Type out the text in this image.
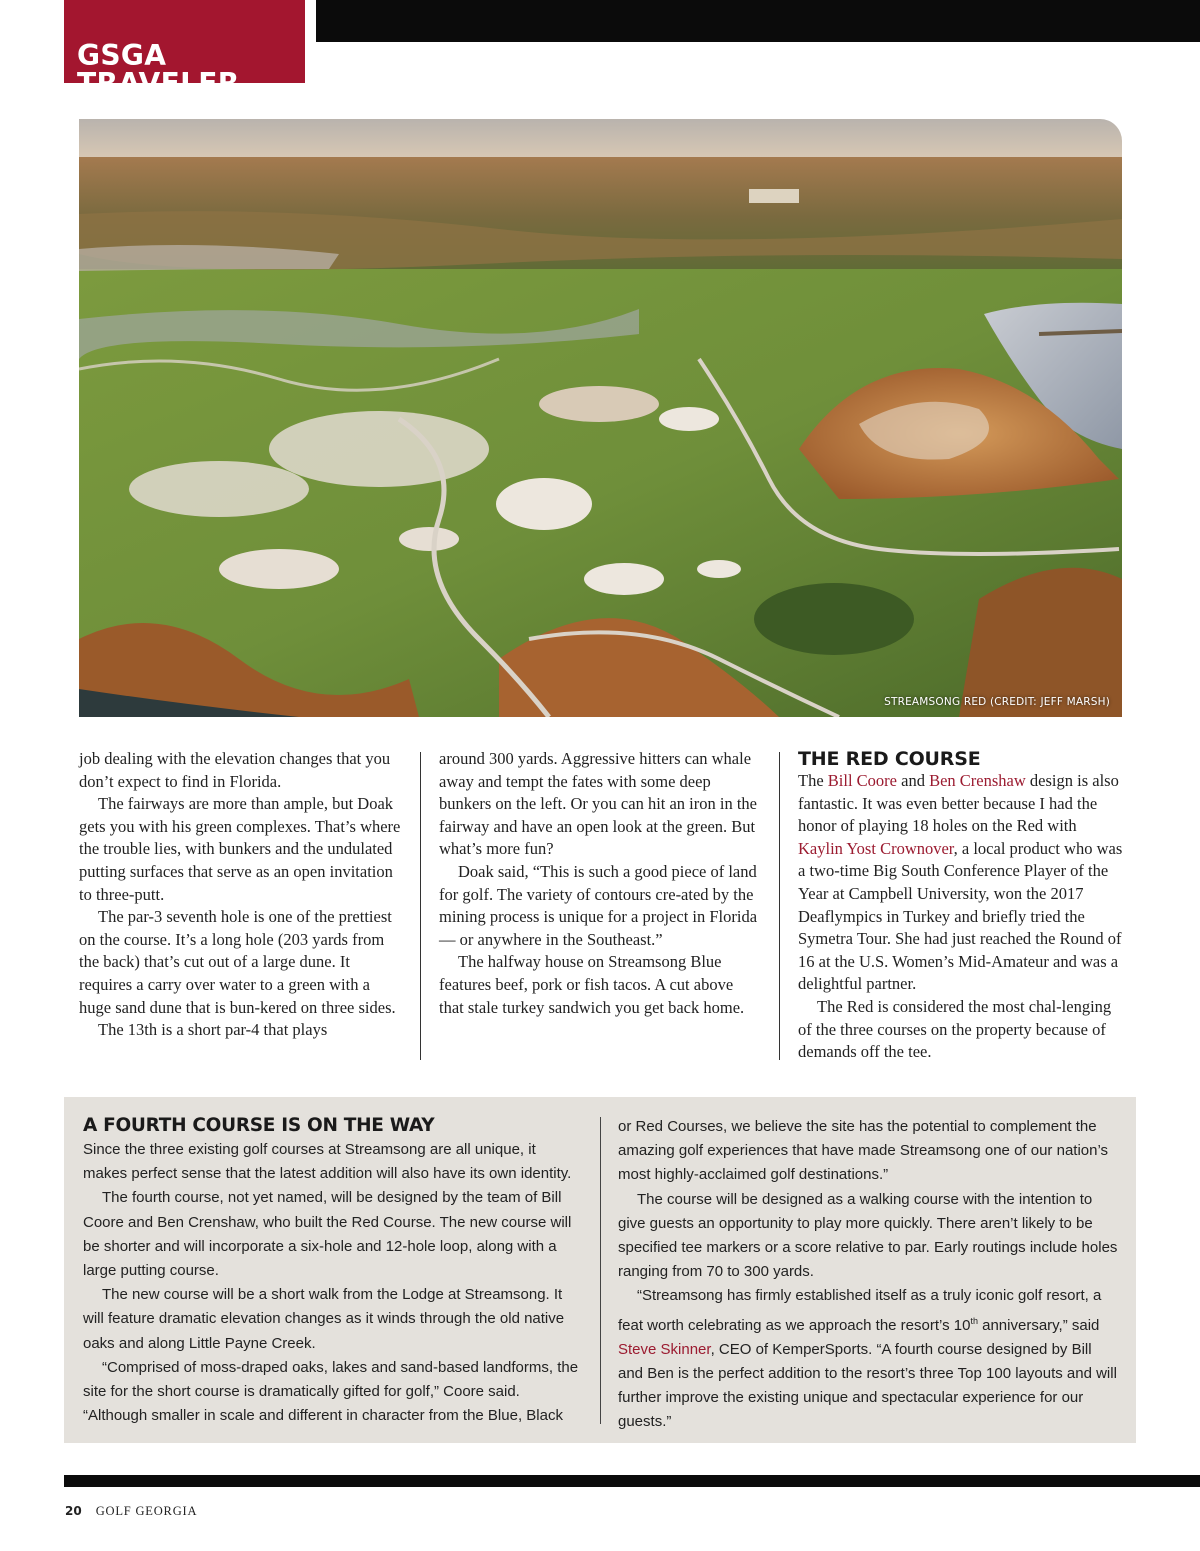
GSGA TRAVELER
STREAMSONG RED (CREDIT: JEFF MARSH)

job dealing with the elevation changes that you don’t expect to find in Florida.

The fairways are more than ample, but Doak gets you with his green complexes. That’s where the trouble lies, with bunkers and the undulated putting surfaces that serve as an open invitation to three-putt.

The par-3 seventh hole is one of the prettiest on the course. It’s a long hole (203 yards from the back) that’s cut out of a large dune. It requires a carry over water to a green with a huge sand dune that is bun-kered on three sides.

The 13th is a short par-4 that plays

around 300 yards. Aggressive hitters can whale away and tempt the fates with some deep bunkers on the left. Or you can hit an iron in the fairway and have an open look at the green. But what’s more fun?

Doak said, “This is such a good piece of land for golf. The variety of contours cre-ated by the mining process is unique for a project in Florida — or anywhere in the Southeast.”

The halfway house on Streamsong Blue features beef, pork or fish tacos. A cut above that stale turkey sandwich you get back home.

THE RED COURSE

The Bill Coore and Ben Crenshaw design is also fantastic. It was even better because I had the honor of playing 18 holes on the Red with Kaylin Yost Crownover, a local product who was a two-time Big South Conference Player of the Year at Campbell University, won the 2017 Deaflympics in Turkey and briefly tried the Symetra Tour. She had just reached the Round of 16 at the U.S. Women’s Mid-Amateur and was a delightful partner.

The Red is considered the most chal-lenging of the three courses on the property because of demands off the tee.

A FOURTH COURSE IS ON THE WAY

Since the three existing golf courses at Streamsong are all unique, it makes perfect sense that the latest addition will also have its own identity.

The fourth course, not yet named, will be designed by the team of Bill Coore and Ben Crenshaw, who built the Red Course. The new course will be shorter and will incorporate a six-hole and 12-hole loop, along with a large putting course.

The new course will be a short walk from the Lodge at Streamsong. It will feature dramatic elevation changes as it winds through the old native oaks and along Little Payne Creek.

“Comprised of moss-draped oaks, lakes and sand-based landforms, the site for the short course is dramatically gifted for golf,” Coore said. “Although smaller in scale and different in character from the Blue, Black

or Red Courses, we believe the site has the potential to complement the amazing golf experiences that have made Streamsong one of our nation’s most highly-acclaimed golf destinations.”

The course will be designed as a walking course with the intention to give guests an opportunity to play more quickly. There aren’t likely to be specified tee markers or a score relative to par. Early routings include holes ranging from 70 to 300 yards.

“Streamsong has firmly established itself as a truly iconic golf resort, a feat worth celebrating as we approach the resort’s 10th anniversary,” said Steve Skinner, CEO of KemperSports. “A fourth course designed by Bill and Ben is the perfect addition to the resort’s three Top 100 layouts and will further improve the existing unique and spectacular experience for our guests.”

20 GOLF GEORGIA
